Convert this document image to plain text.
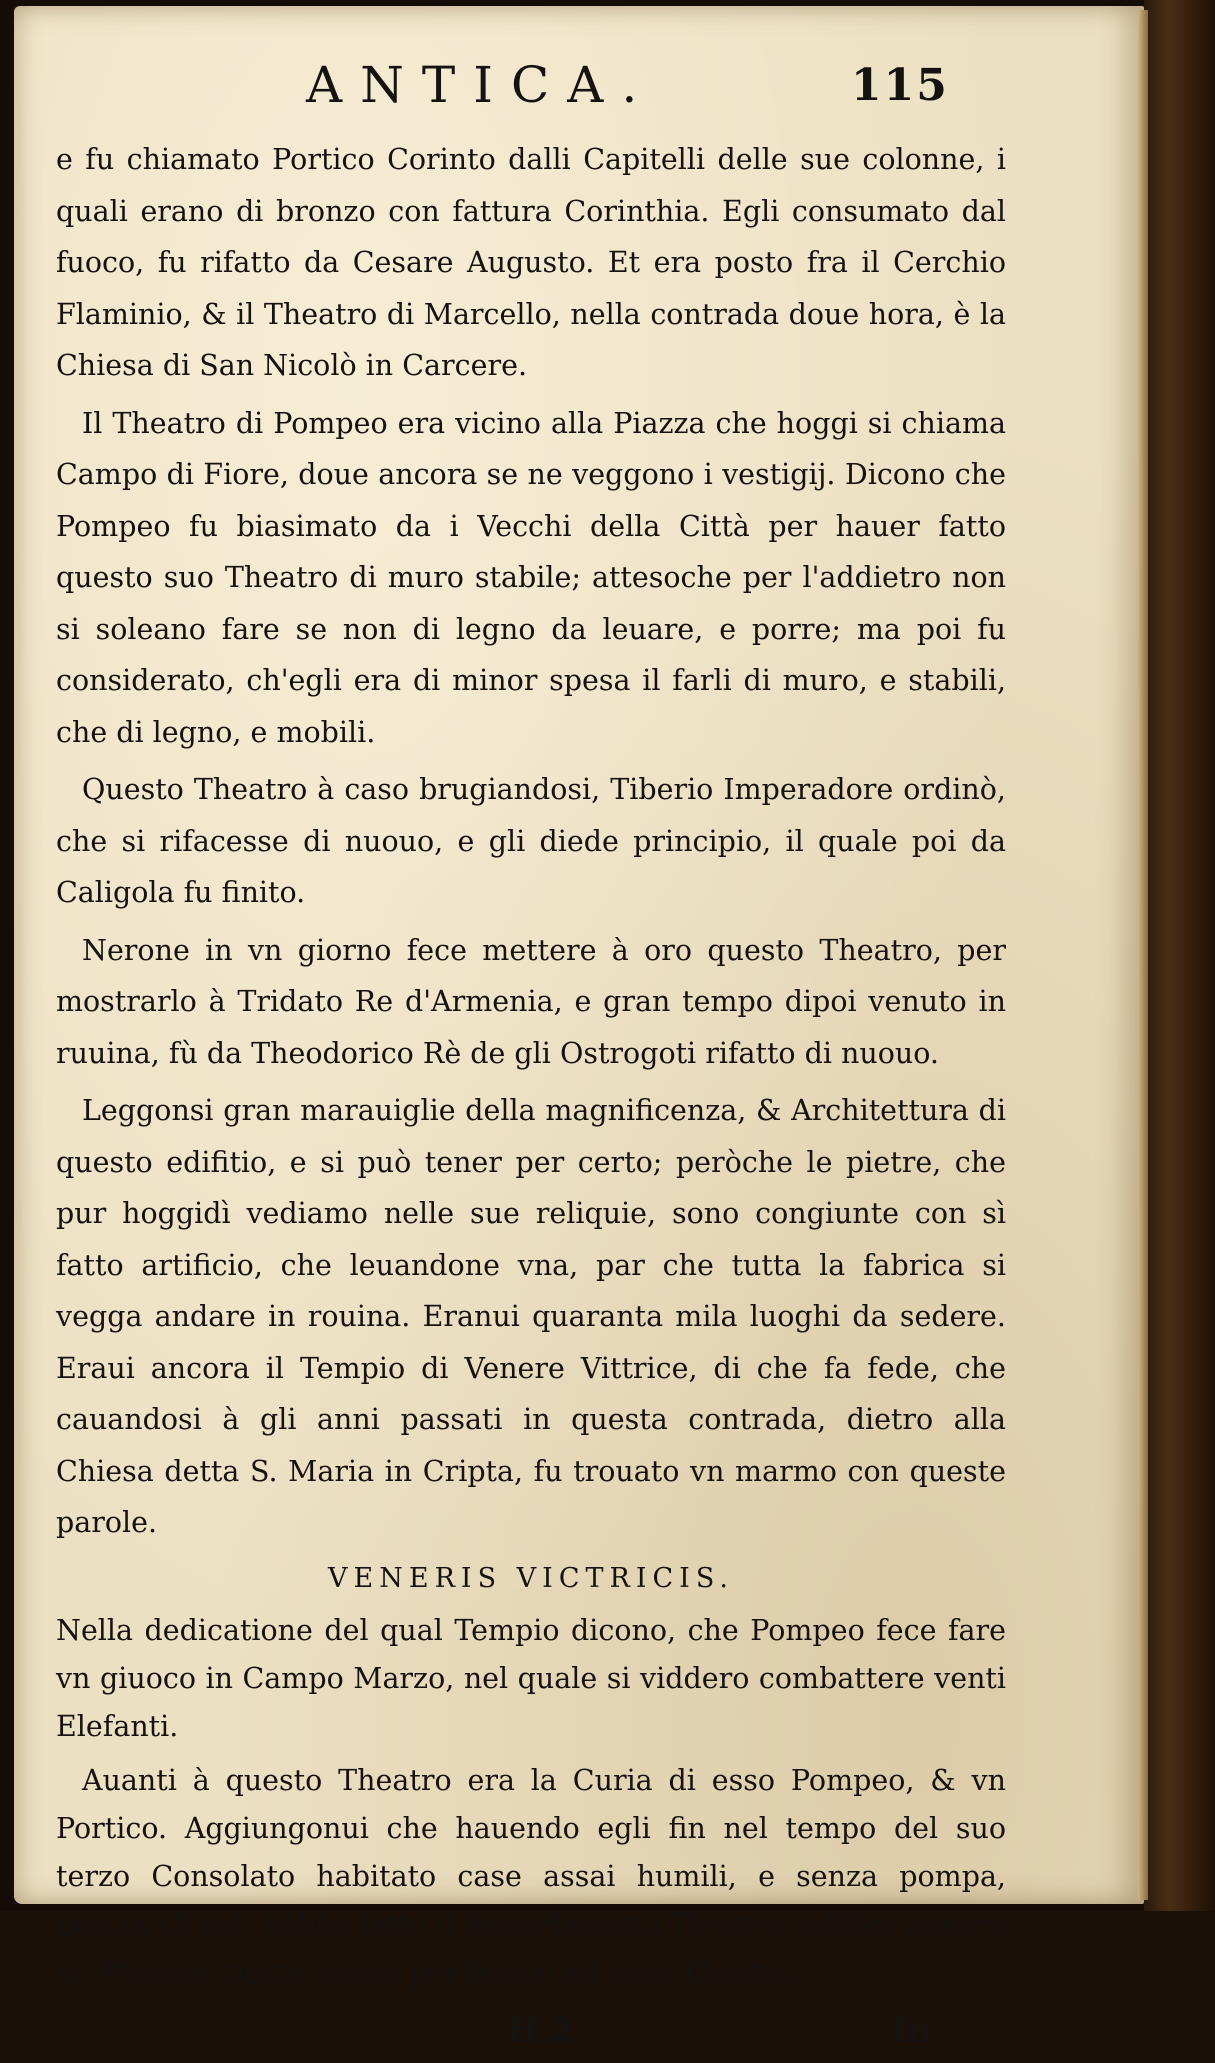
ANTICA.	115

e fu chiamato Portico Corinto dalli Capitelli delle sue colonne, i quali erano di bronzo con fattura Corinthia. Egli consumato dal fuoco, fu rifatto da Cesare Augusto. Et era posto fra il Cerchio Flaminio, & il Theatro di Marcello, nella contrada doue hora, è la Chiesa di San Nicolò in Carcere.

Il Theatro di Pompeo era vicino alla Piazza che hoggi si chiama Campo di Fiore, doue ancora se ne veggono i vestigij. Dicono che Pompeo fu biasimato da i Vecchi della Città per hauer fatto questo suo Theatro di muro stabile; attesoche per l'addietro non si soleano fare se non di legno da leuare, e porre; ma poi fu considerato, ch'egli era di minor spesa il farli di muro, e stabili, che di legno, e mobili.

Questo Theatro à caso brugiandosi, Tiberio Imperadore ordinò, che si rifacesse di nuouo, e gli diede principio, il quale poi da Caligola fu finito.

Nerone in vn giorno fece mettere à oro questo Theatro, per mostrarlo à Tridato Re d'Armenia, e gran tempo dipoi venuto in ruuina, fù da Theodorico Rè de gli Ostrogoti rifatto di nuouo.

Leggonsi gran marauiglie della magnificenza, & Architettura di questo edifitio, e si può tener per certo; peròche le pietre, che pur hoggidì vediamo nelle sue reliquie, sono congiunte con sì fatto artificio, che leuandone vna, par che tutta la fabrica si vegga andare in rouina. Eranui quaranta mila luoghi da sedere. Eraui ancora il Tempio di Venere Vittrice, di che fa fede, che cauandosi à gli anni passati in questa contrada, dietro alla Chiesa detta S. Maria in Cripta, fu trouato vn marmo con queste parole.

VENERIS VICTRICIS.

Nella dedicatione del qual Tempio dicono, che Pompeo fece fare vn giuoco in Campo Marzo, nel quale si viddero combattere venti Elefanti.

Auanti à questo Theatro era la Curia di esso Pompeo, & vn Portico. Aggiungonui che hauendo egli fin nel tempo del suo terzo Consolato habitato case assai humili, e senza pompa, poscia ch'egli hebbe fatto il Superbissimo Theatro, edificò ancora vn Palazzo, posto, quasi per fianco ad esso Theatro.

H 2	In
